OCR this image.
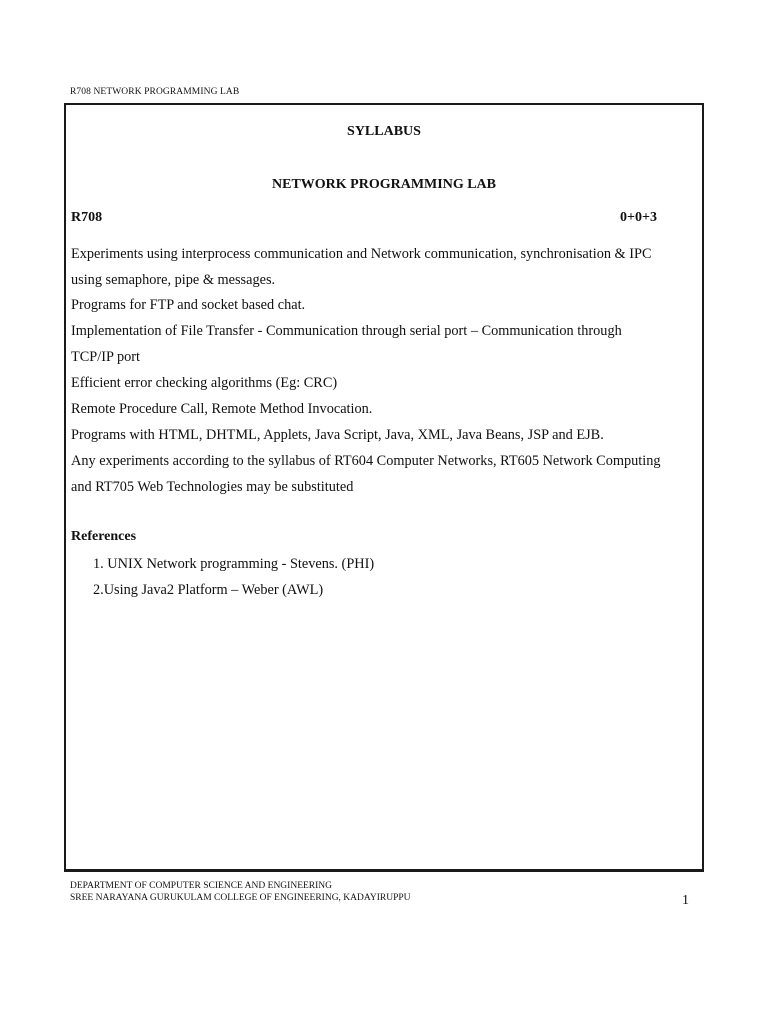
R708 NETWORK PROGRAMMING LAB
SYLLABUS
NETWORK PROGRAMMING LAB
R708	0+0+3
Experiments using interprocess communication and Network communication, synchronisation & IPC
using semaphore, pipe & messages.
Programs for FTP and socket based chat.
Implementation of File Transfer - Communication through serial port – Communication through
TCP/IP port
Efficient error checking algorithms (Eg: CRC)
Remote Procedure Call, Remote Method Invocation.
Programs with HTML, DHTML, Applets, Java Script, Java, XML, Java Beans, JSP and EJB.
Any experiments according to the syllabus of RT604 Computer Networks, RT605 Network Computing
and RT705 Web Technologies may be substituted
References
1. UNIX Network programming - Stevens. (PHI)
2.Using Java2 Platform – Weber (AWL)
DEPARTMENT OF COMPUTER SCIENCE AND ENGINEERING
SREE NARAYANA GURUKULAM COLLEGE OF ENGINEERING, KADAYIRUPPU	1
